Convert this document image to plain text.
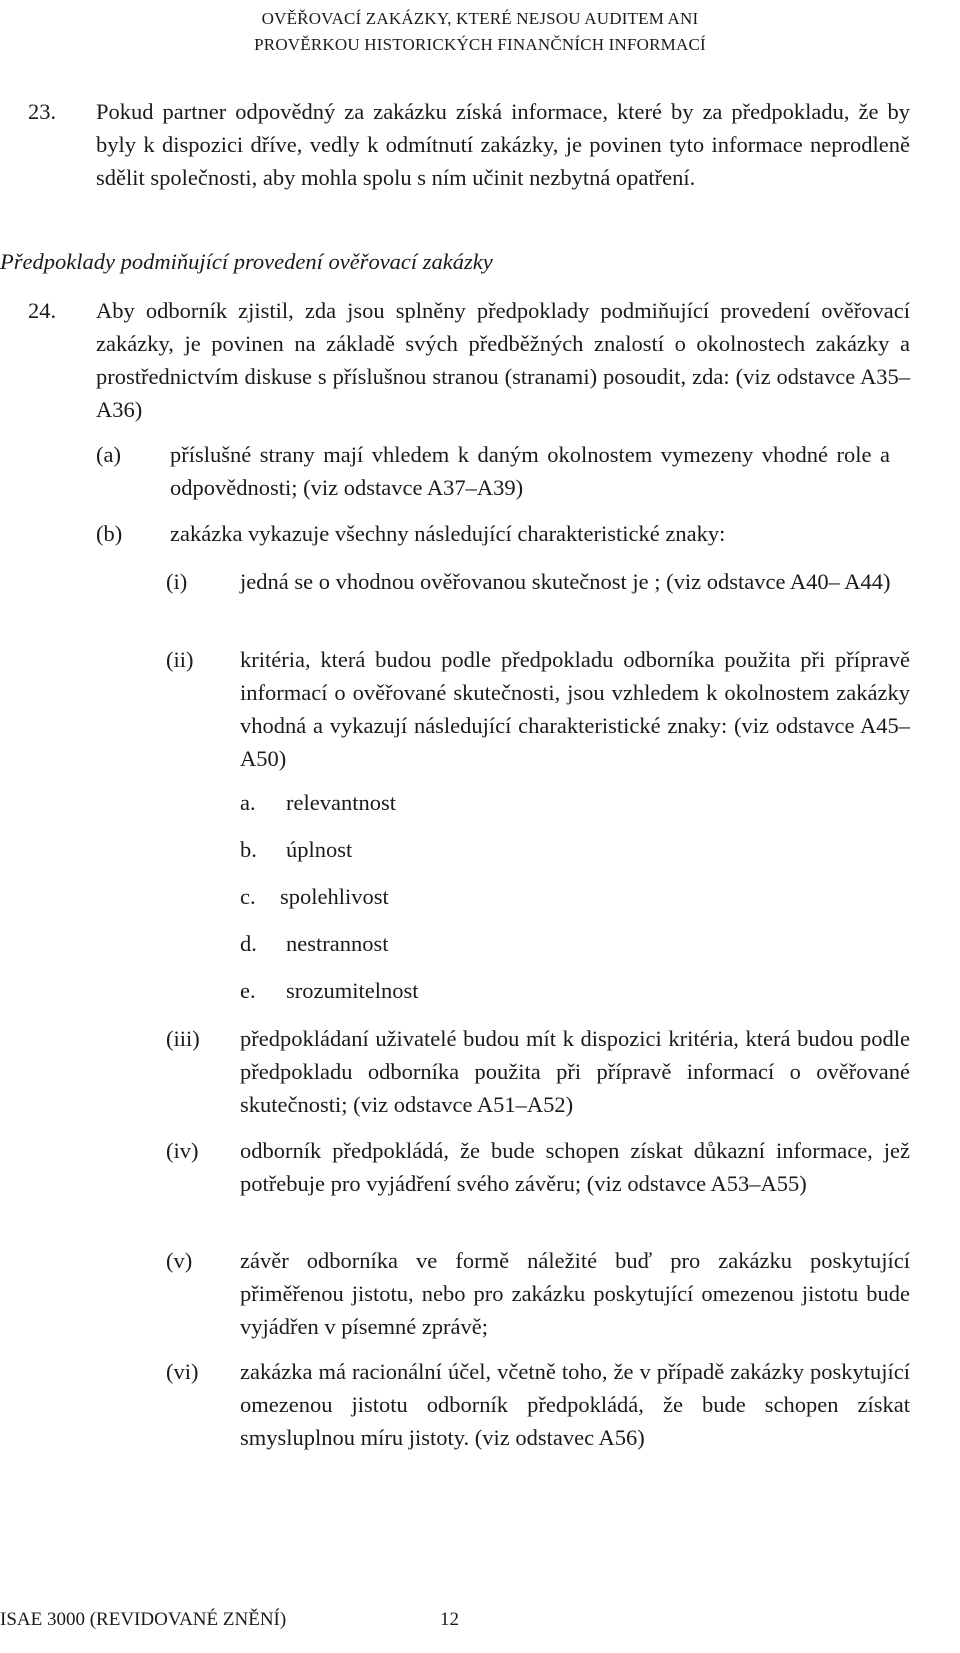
OVĚŘOVACÍ ZAKÁZKY, KTERÉ NEJSOU AUDITEM ANI
PROVĚRKOU HISTORICKÝCH FINANČNÍCH INFORMACÍ
23. Pokud partner odpovědný za zakázku získá informace, které by za předpokladu, že by byly k dispozici dříve, vedly k odmítnutí zakázky, je povinen tyto informace neprodleně sdělit společnosti, aby mohla spolu s ním učinit nezbytná opatření.
Předpoklady podmiňující provedení ověřovací zakázky
24. Aby odborník zjistil, zda jsou splněny předpoklady podmiňující provedení ověřovací zakázky, je povinen na základě svých předběžných znalostí o okolnostech zakázky a prostřednictvím diskuse s příslušnou stranou (stranami) posoudit, zda: (viz odstavce A35–A36)
(a) příslušné strany mají vhledem k daným okolnostem vymezeny vhodné role a odpovědnosti; (viz odstavce A37–A39)
(b) zakázka vykazuje všechny následující charakteristické znaky:
(i) jedná se o vhodnou ověřovanou skutečnost je ; (viz odstavce A40– A44)
(ii) kritéria, která budou podle předpokladu odborníka použita při přípravě informací o ověřované skutečnosti, jsou vzhledem k okolnostem zakázky vhodná a vykazují následující charakteristické znaky: (viz odstavce A45–A50)
a. relevantnost
b. úplnost
c. spolehlivost
d. nestrannost
e. srozumitelnost
(iii) předpokládaní uživatelé budou mít k dispozici kritéria, která budou podle předpokladu odborníka použita při přípravě informací o ověřované skutečnosti; (viz odstavce A51–A52)
(iv) odborník předpokládá, že bude schopen získat důkazní informace, jež potřebuje pro vyjádření svého závěru; (viz odstavce A53–A55)
(v) závěr odborníka ve formě náležité buď pro zakázku poskytující přiměřenou jistotu, nebo pro zakázku poskytující omezenou jistotu bude vyjádřen v písemné zprávě;
(vi) zakázka má racionální účel, včetně toho, že v případě zakázky poskytující omezenou jistotu odborník předpokládá, že bude schopen získat smysluplnou míru jistoty. (viz odstavec A56)
ISAE 3000 (REVIDOVANÉ ZNĚNÍ)	12
